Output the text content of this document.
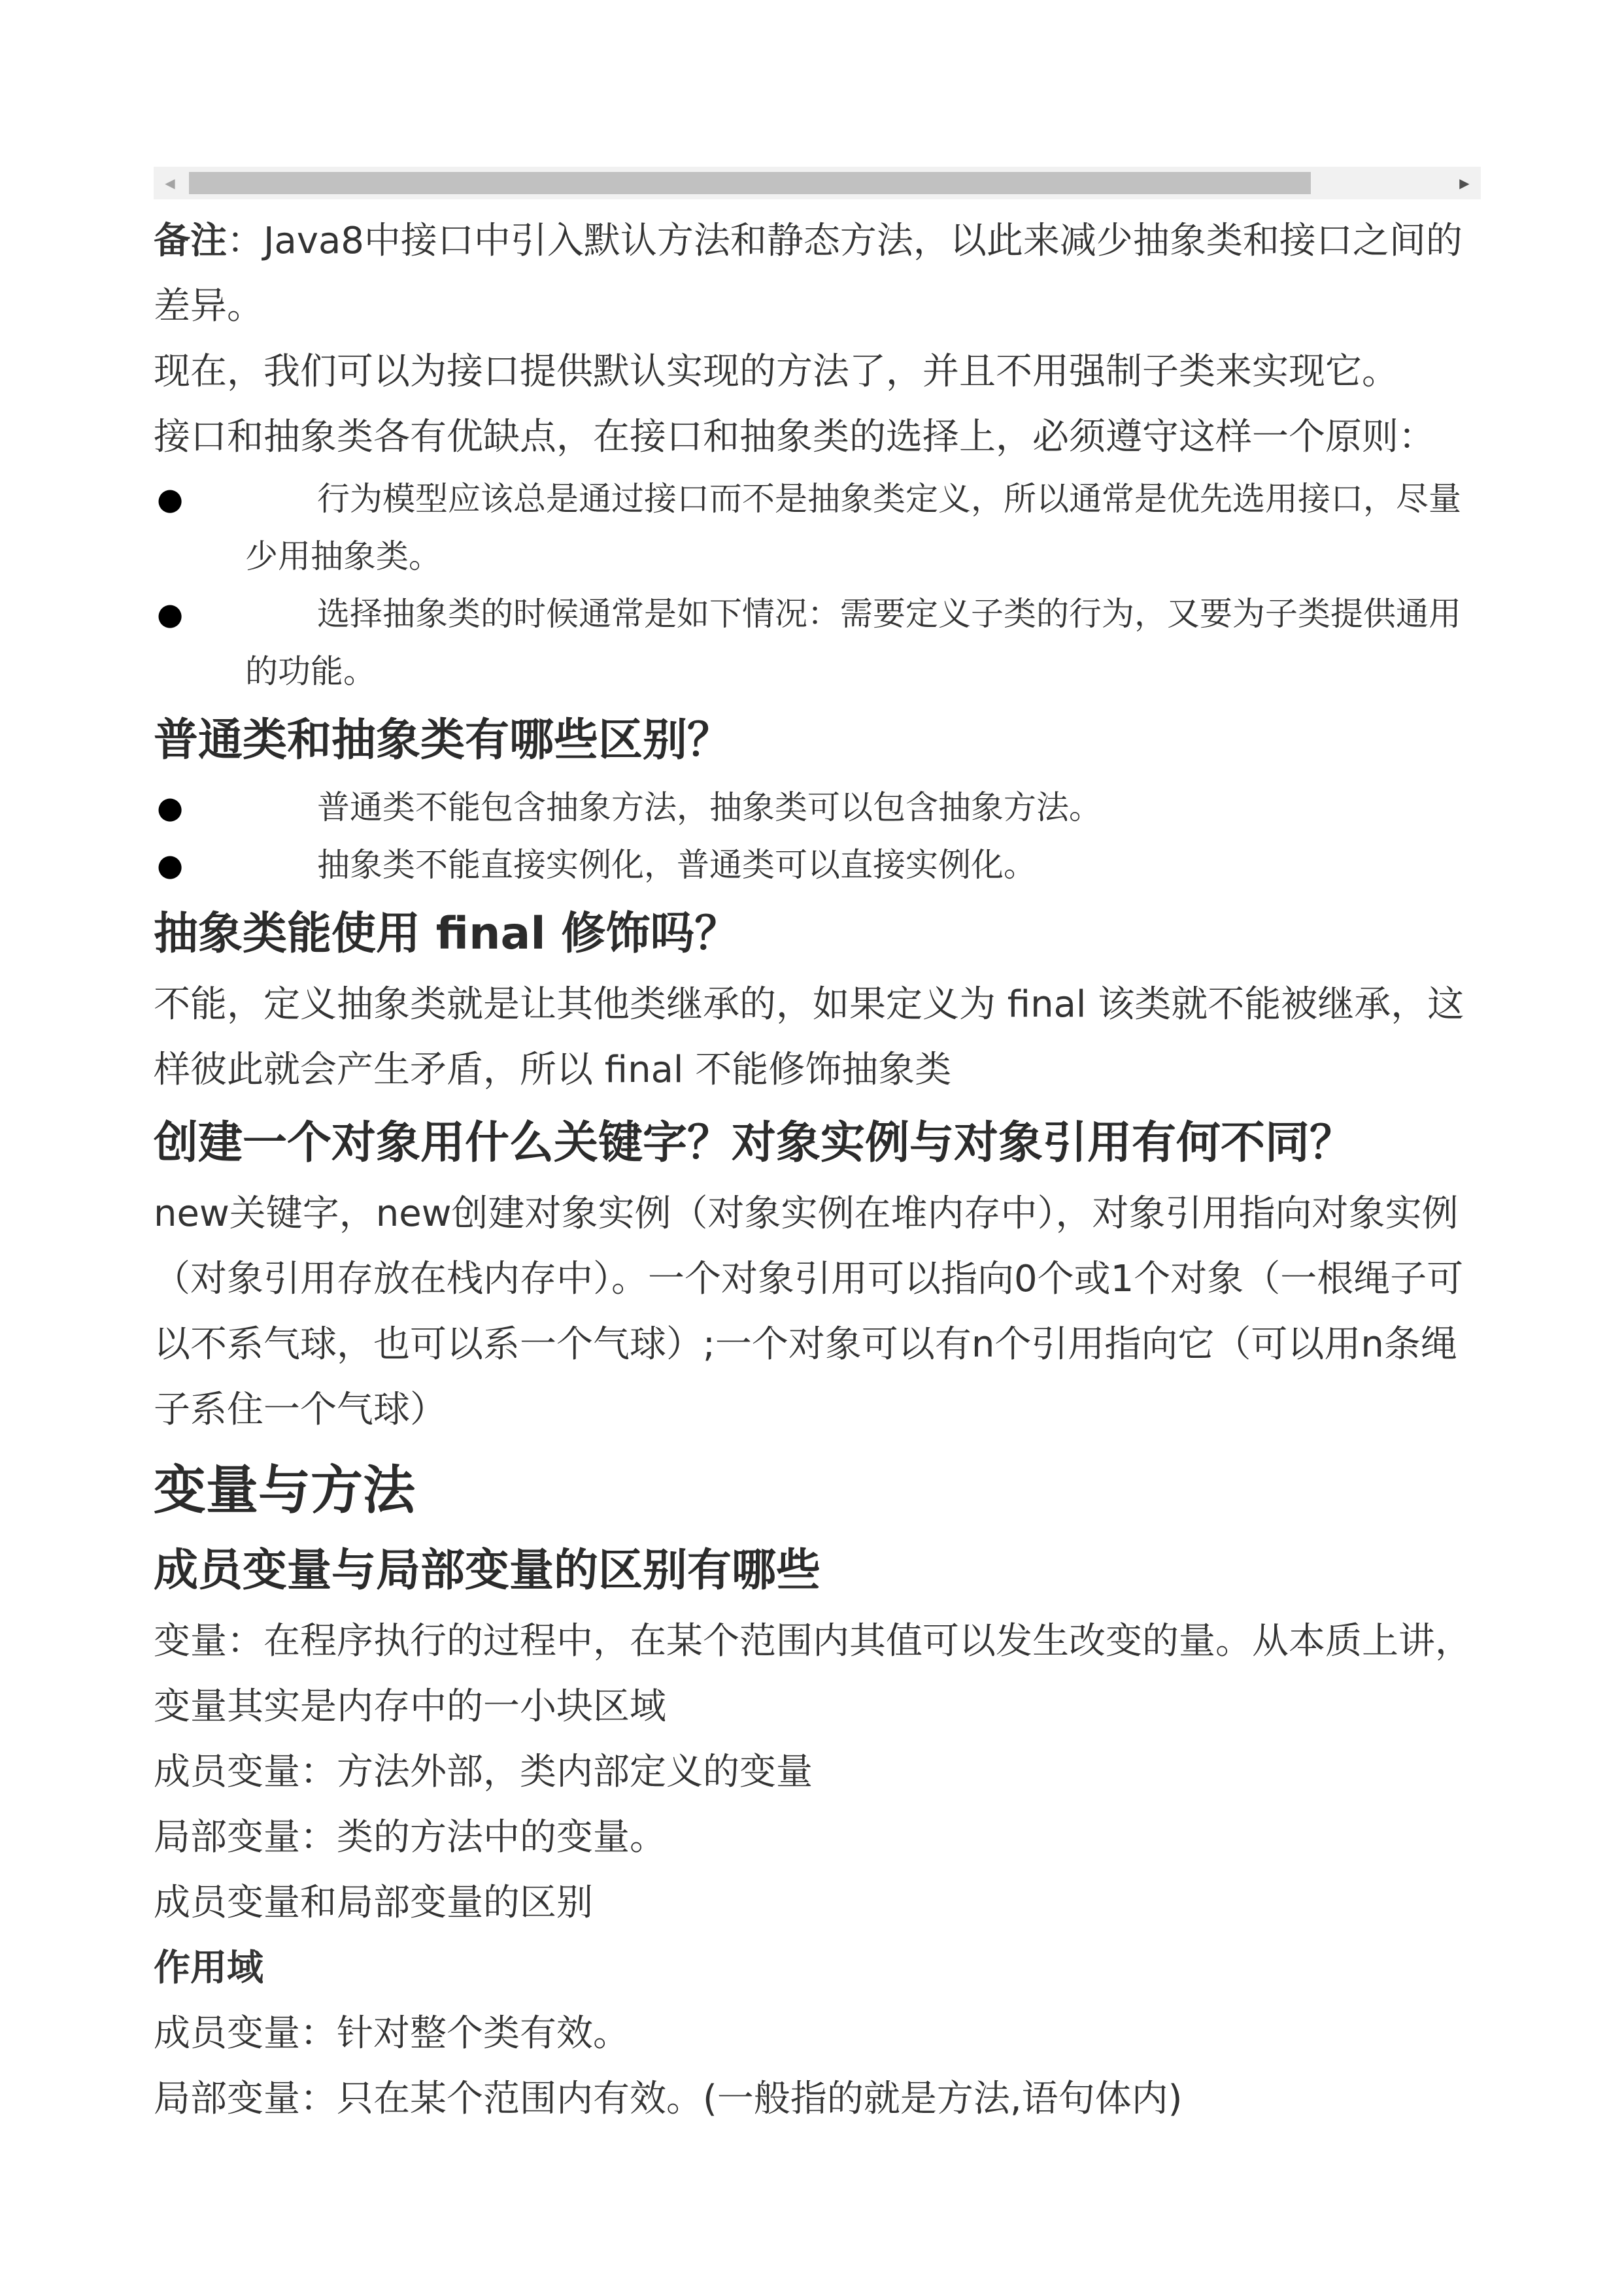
◀	▶

备注：Java8中接口中引入默认方法和静态方法，以此来减少抽象类和接口之间的差异。

现在，我们可以为接口提供默认实现的方法了，并且不用强制子类来实现它。

接口和抽象类各有优缺点，在接口和抽象类的选择上，必须遵守这样一个原则：

●	行为模型应该总是通过接口而不是抽象类定义，所以通常是优先选用接口，尽量少用抽象类。
●	选择抽象类的时候通常是如下情况：需要定义子类的行为，又要为子类提供通用的功能。
普通类和抽象类有哪些区别？
●	普通类不能包含抽象方法，抽象类可以包含抽象方法。
●	抽象类不能直接实例化，普通类可以直接实例化。
抽象类能使用 final 修饰吗？

不能，定义抽象类就是让其他类继承的，如果定义为 final 该类就不能被继承，这样彼此就会产生矛盾，所以 final 不能修饰抽象类

创建一个对象用什么关键字？对象实例与对象引用有何不同？

new关键字，new创建对象实例（对象实例在堆内存中），对象引用指向对象实例（对象引用存放在栈内存中）。一个对象引用可以指向0个或1个对象（一根绳子可以不系气球，也可以系一个气球）;一个对象可以有n个引用指向它（可以用n条绳子系住一个气球）

变量与方法
成员变量与局部变量的区别有哪些

变量：在程序执行的过程中，在某个范围内其值可以发生改变的量。从本质上讲，变量其实是内存中的一小块区域

成员变量：方法外部，类内部定义的变量

局部变量：类的方法中的变量。

成员变量和局部变量的区别

作用域

成员变量：针对整个类有效。

局部变量：只在某个范围内有效。(一般指的就是方法,语句体内)
